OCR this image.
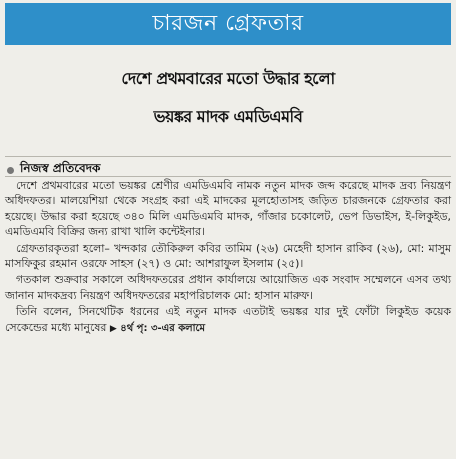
চারজন গ্রেফতার
দেশে প্রথমবারের মতো উদ্ধার হলো
ভয়ঙ্কর মাদক এমডিএমবি
নিজস্ব প্রতিবেদক

দেশে প্রথমবারের মতো ভয়ঙ্কর শ্রেণীর এমডিএমবি নামক নতুন মাদক জব্দ করেছে মাদক দ্রব্য নিয়ন্ত্রণ অধিদফতর। মালয়েশিয়া থেকে সংগ্রহ করা এই মাদকের মূলহোতাসহ জড়িত চারজনকে গ্রেফতার করা হয়েছে। উদ্ধার করা হয়েছে ৩৪০ মিলি এমডিএমবি মাদক, গাঁজার চকোলেট, ভেপ ডিভাইস, ই-লিকুইড, এমডিএমবি বিক্রির জন্য রাখা খালি কন্টেইনার।

গ্রেফতারকৃতরা হলো– খন্দকার তৌকিরুল কবির তামিম (২৬) মেহেদী হাসান রাকিব (২৬), মো: মাসুম মাসফিকুর রহমান ওরফে সাহস (২৭) ও মো: আশরাফুল ইসলাম (২৫)।

গতকাল শুক্রবার সকালে অধিদফতরের প্রধান কার্যালয়ে আয়োজিত এক সংবাদ সম্মেলনে এসব তথ্য জানান মাদকদ্রব্য নিয়ন্ত্রণ অধিদফতরের মহাপরিচালক মো: হাসান মারুফ।

তিনি বলেন, সিনথেটিক ধরনের এই নতুন মাদক এতটাই ভয়ঙ্কর যার দুই ফোঁটা লিকুইড কয়েক সেকেন্ডের মধ্যে মানুষের ▶ ৪র্থ পৃ: ৩-এর কলামে
